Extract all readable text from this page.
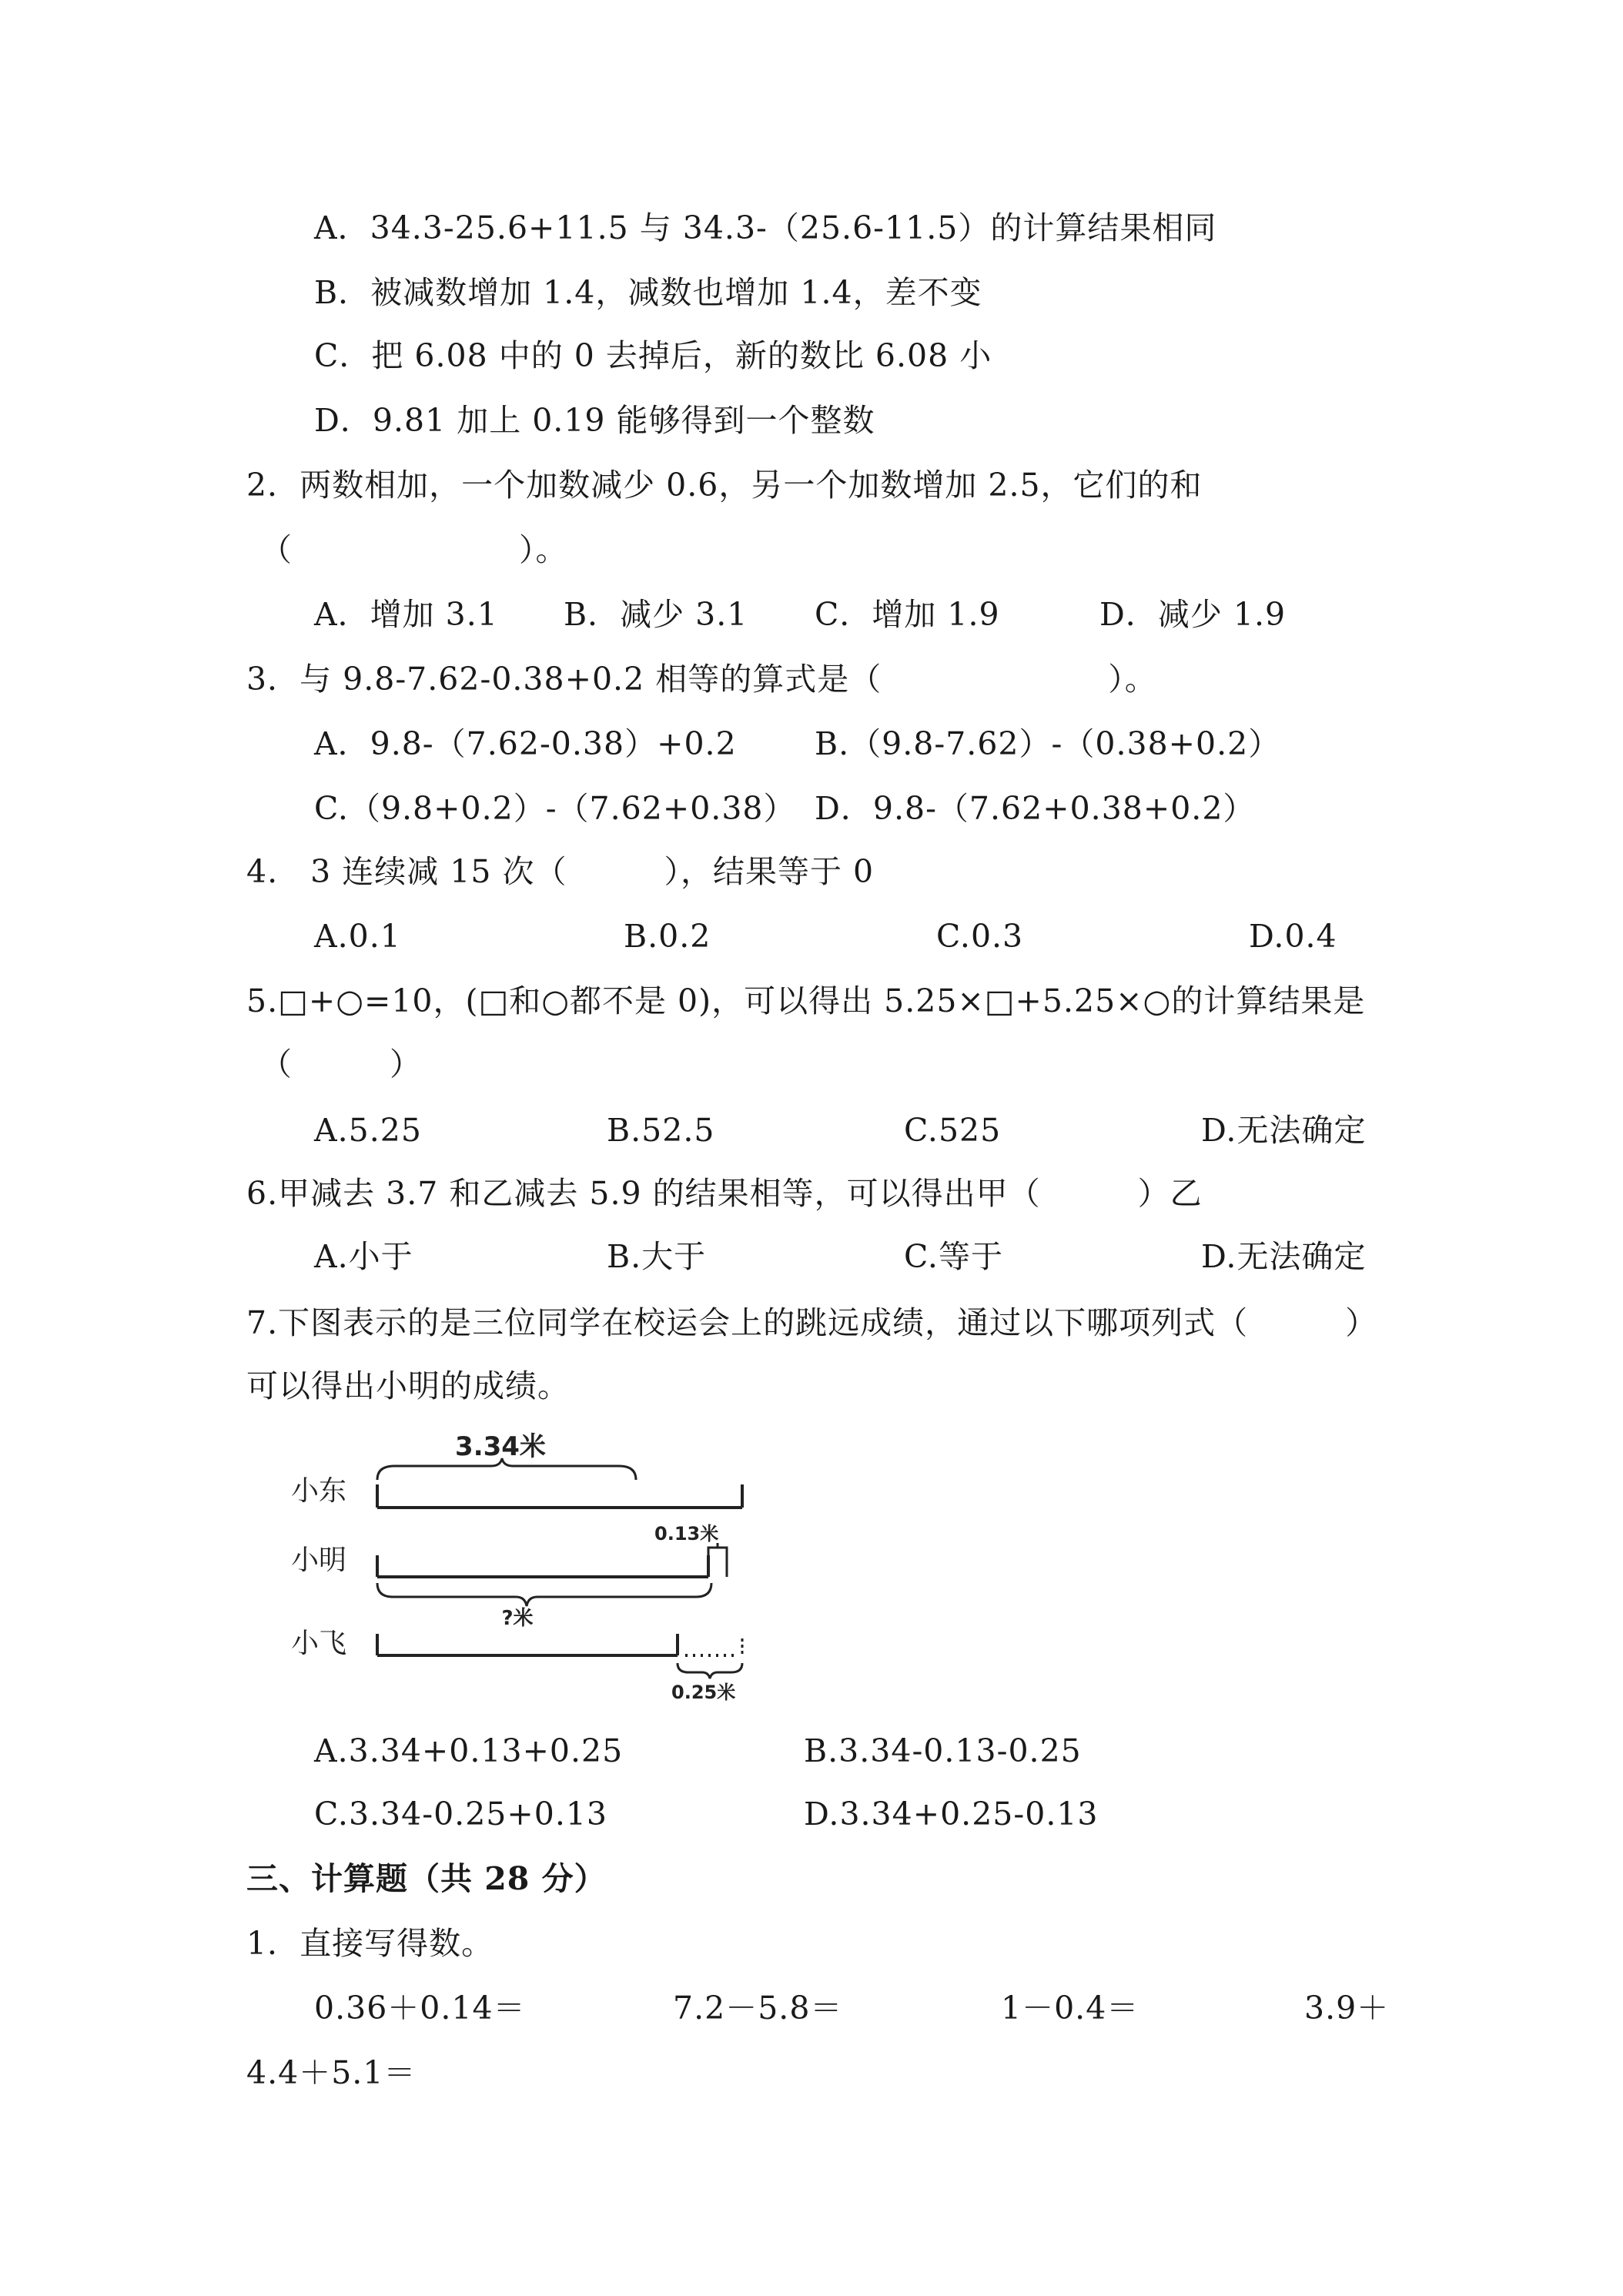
A．34.3-25.6+11.5 与 34.3-（25.6-11.5）的计算结果相同
B．被减数增加 1.4，减数也增加 1.4，差不变
C．把 6.08 中的 0 去掉后，新的数比 6.08 小
D．9.81 加上 0.19 能够得到一个整数
2．两数相加，一个加数减少 0.6，另一个加数增加 2.5，它们的和
（　　　　　　　）。
A．增加 3.1 B．减少 3.1 C．增加 1.9	D．减少 1.9
3．与 9.8-7.62-0.38+0.2 相等的算式是（　　　　　　　）。
A．9.8-（7.62-0.38）+0.2 B.（9.8-7.62）-（0.38+0.2）
C.（9.8+0.2）-（7.62+0.38） D．9.8-（7.62+0.38+0.2）
4.　3 连续减 15 次（　　　），结果等于 0
A.0.1	B.0.2	C.0.3	D.0.4
5.□+○=10，(□和○都不是 0)，可以得出 5.25×□+5.25×○的计算结果是
（　　　）
A.5.25	B.52.5	C.525	D.无法确定
6.甲减去 3.7 和乙减去 5.9 的结果相等，可以得出甲（　　　）乙
A.小于	B.大于	C.等于	D.无法确定
7.下图表示的是三位同学在校运会上的跳远成绩，通过以下哪项列式（　　　）
可以得出小明的成绩。
3.34米
小东
0.13米
小明
?米
小飞
0.25米
A.3.34+0.13+0.25	B.3.34-0.13-0.25
C.3.34-0.25+0.13	D.3.34+0.25-0.13
三、计算题（共 28 分）
1．直接写得数。
0.36＋0.14＝	7.2－5.8＝	1－0.4＝	3.9＋
4.4＋5.1＝
